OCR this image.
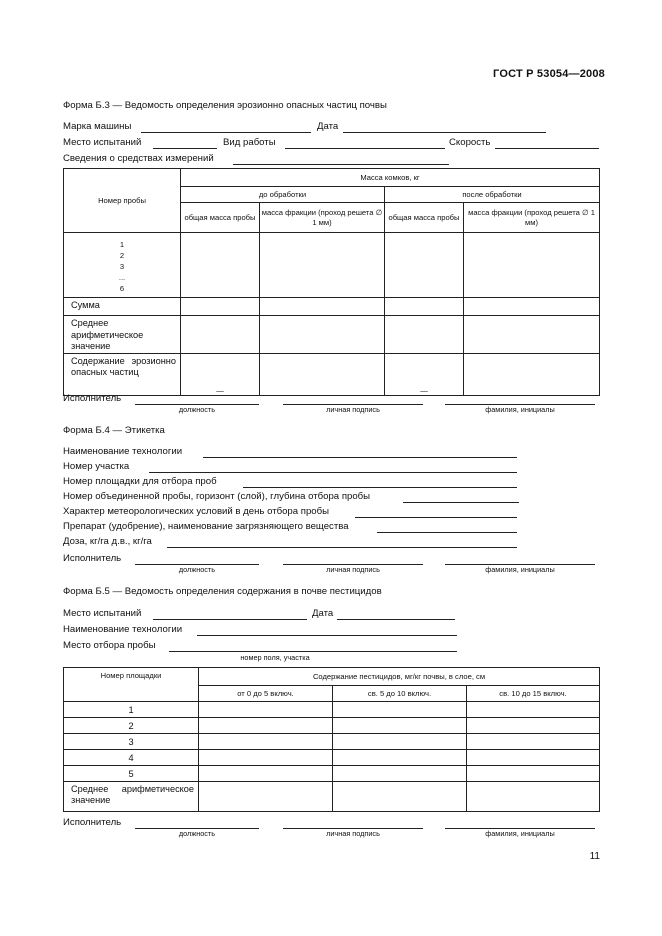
ГОСТ Р 53054—2008
Форма Б.3 — Ведомость определения эрозионно опасных частиц почвы
Марка машины	Дата
Место испытаний	Вид работы	Скорость
Сведения о средствах измерений
Номер пробы	Масса комков, кг			
	до обработки		после обработки	
	общая масса пробы	масса фракции (проход решета ∅ 1 мм)	общая масса пробы	масса фракции (проход решета ∅ 1 мм)

1
2
3
...
6				

Сумма				

Среднее арифметическое значение				

Содержание эрозионно опасных частиц	—		—	
Исполнитель
должность	личная подпись	фамилия, инициалы
Форма Б.4 — Этикетка
Наименование технологии
Номер участка
Номер площадки для отбора проб
Номер объединенной пробы, горизонт (слой), глубина отбора пробы
Характер метеорологических условий в день отбора пробы
Препарат (удобрение), наименование загрязняющего вещества
Доза, кг/га д.в., кг/га
Исполнитель
должность	личная подпись	фамилия, инициалы
Форма Б.5 — Ведомость определения содержания в почве пестицидов
Место испытаний	Дата
Наименование технологии
Место отбора пробы
номер поля, участка
Номер площадки	Содержание пестицидов, мг/кг почвы, в слое, см		
	от 0 до 5 включ.	св. 5 до 10 включ.	св. 10 до 15 включ.
1			
2			
3			
4			
5			

Среднее арифметическое значение			

Исполнитель
должность	личная подпись	фамилия, инициалы
11
